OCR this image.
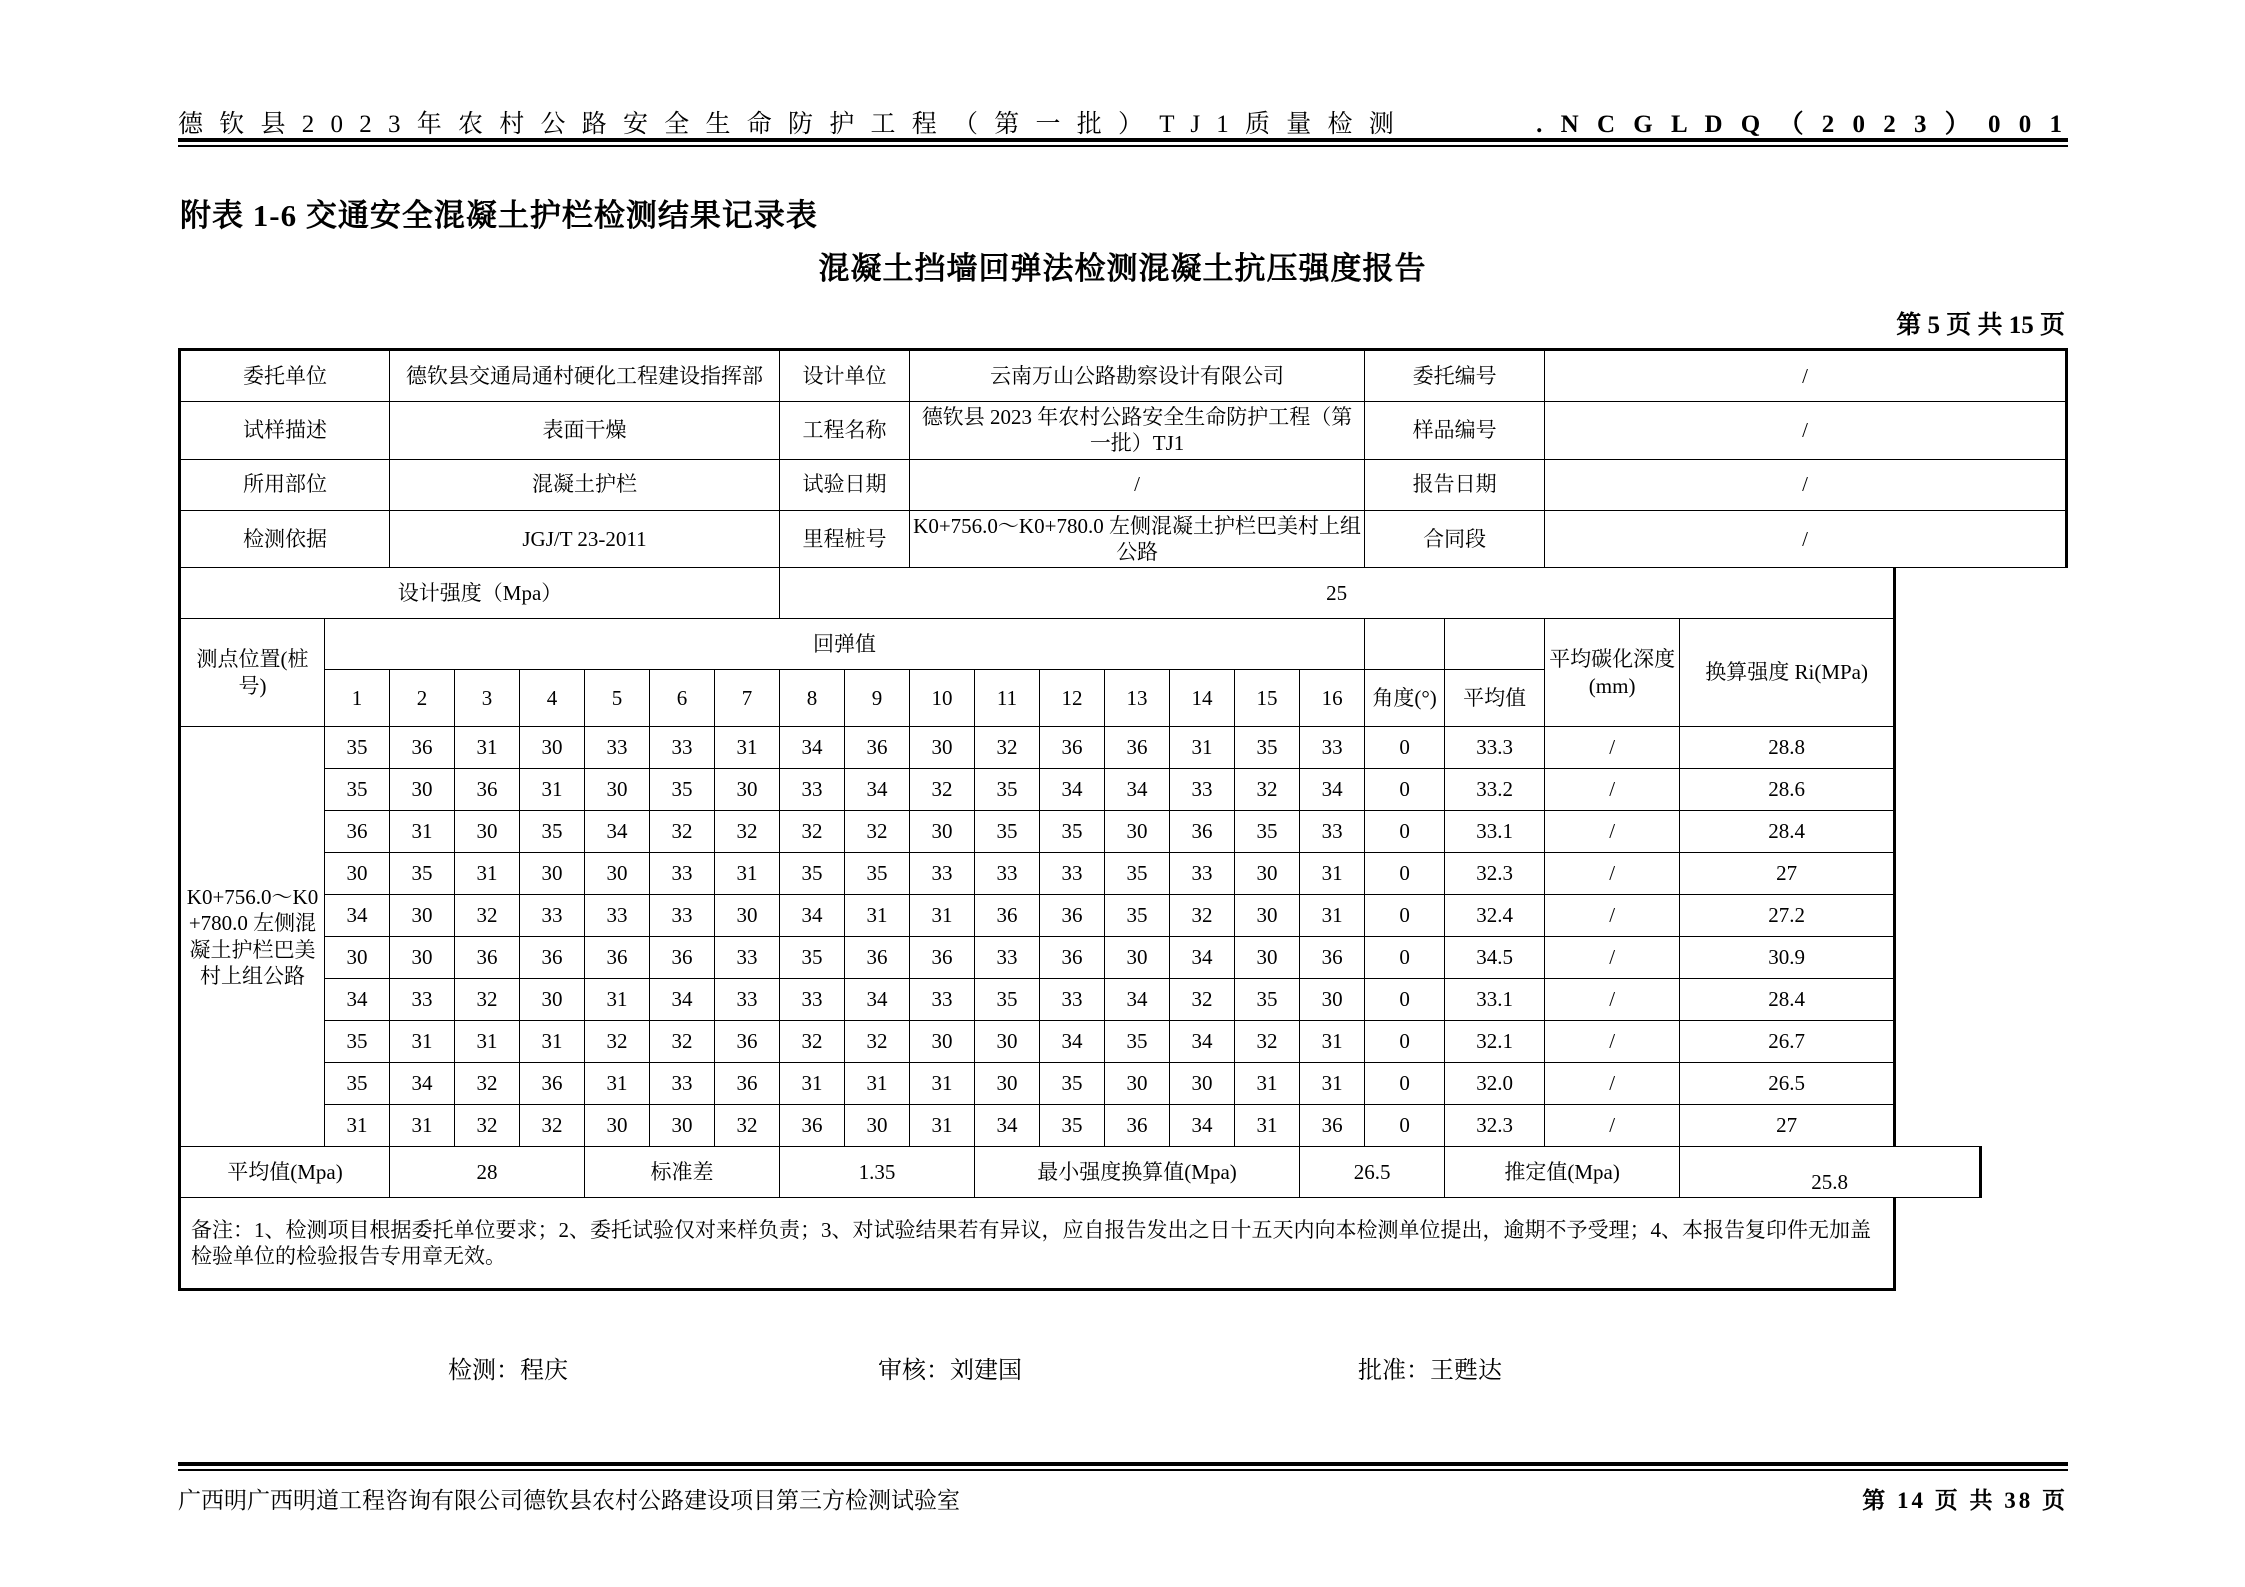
德 钦 县 2 0 2 3 年 农 村 公 路 安 全 生 命 防 护 工 程 （ 第 一 批 ） T J 1 质 量 检 测	. N C G L D Q （ 2 0 2 3 ） 0 0 1
附表 1-6 交通安全混凝土护栏检测结果记录表
混凝土挡墙回弹法检测混凝土抗压强度报告
第 5 页 共 15 页
委托单位		德钦县交通局通村硬化工程建设指挥部						设计单位		云南万山公路勘察设计有限公司							委托编号		/	
试样描述		表面干燥						工程名称		德钦县 2023 年农村公路安全生命防护工程（第一批）TJ1							样品编号		/	
所用部位		混凝土护栏						试验日期		/							报告日期		/	
检测依据		JGJ/T 23-2011						里程桩号		K0+756.0～K0+780.0 左侧混凝土护栏巴美村上组公路							合同段		/	
设计强度（Mpa）								25												
测点位置(桩号)	回弹值																		平均碳化深度(mm)	换算强度 Ri(MPa)
	1	2	3	4	5	6	7	8	9	10	11	12	13	14	15	16	角度(°)	平均值		
K0+756.0～K0+780.0 左侧混凝土护栏巴美村上组公路	35	36	31	30	33	33	31	34	36	30	32	36	36	31	35	33	0	33.3	/	28.8
	35	30	36	31	30	35	30	33	34	32	35	34	34	33	32	34	0	33.2	/	28.6
	36	31	30	35	34	32	32	32	32	30	35	35	30	36	35	33	0	33.1	/	28.4
	30	35	31	30	30	33	31	35	35	33	33	33	35	33	30	31	0	32.3	/	27
	34	30	32	33	33	33	30	34	31	31	36	36	35	32	30	31	0	32.4	/	27.2
	30	30	36	36	36	36	33	35	36	36	33	36	30	34	30	36	0	34.5	/	30.9
	34	33	32	30	31	34	33	33	34	33	35	33	34	32	35	30	0	33.1	/	28.4
	35	31	31	31	32	32	36	32	32	30	30	34	35	34	32	31	0	32.1	/	26.7
	35	34	32	36	31	33	36	31	31	31	30	35	30	30	31	31	0	32.0	/	26.5
	31	31	32	32	30	30	32	36	30	31	34	35	36	34	31	36	0	32.3	/	27
平均值(Mpa)		28			标准差			1.35			最小强度换算值(Mpa)					26.5		推定值(Mpa)		25.8
备注：1、检测项目根据委托单位要求；2、委托试验仅对来样负责；3、对试验结果若有异议，应自报告发出之日十五天内向本检测单位提出，逾期不予受理；4、本报告复印件无加盖检验单位的检验报告专用章无效。																				
检测：程庆	审核：刘建国	批准：王甦达
广西明广西明道工程咨询有限公司德钦县农村公路建设项目第三方检测试验室	第 14 页 共 38 页
